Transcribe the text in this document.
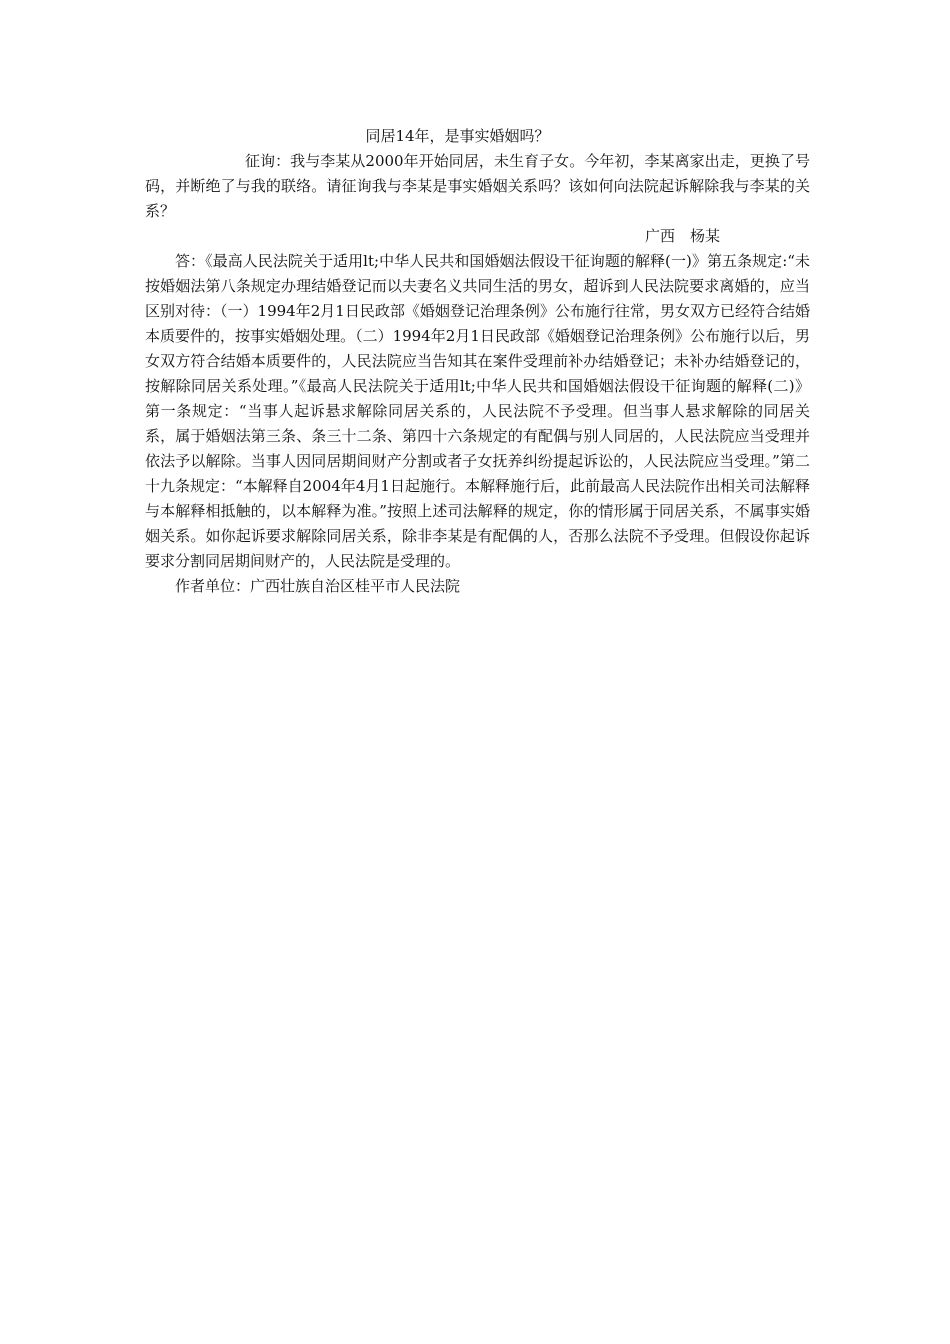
同居14年，是事实婚姻吗？

征询：我与李某从2000年开始同居，未生育子女。今年初，李某离家出走，更换了号码，并断绝了与我的联络。请征询我与李某是事实婚姻关系吗？该如何向法院起诉解除我与李某的关系？

广西　杨某

答：《最高人民法院关于适用lt;中华人民共和国婚姻法假设干征询题的解释(一)》第五条规定:“未按婚姻法第八条规定办理结婚登记而以夫妻名义共同生活的男女，超诉到人民法院要求离婚的，应当区别对待：（一）1994年2月1日民政部《婚姻登记治理条例》公布施行往常，男女双方已经符合结婚本质要件的，按事实婚姻处理。（二）1994年2月1日民政部《婚姻登记治理条例》公布施行以后，男女双方符合结婚本质要件的，人民法院应当告知其在案件受理前补办结婚登记；未补办结婚登记的，按解除同居关系处理。”《最高人民法院关于适用lt;中华人民共和国婚姻法假设干征询题的解释(二)》第一条规定：“当事人起诉悬求解除同居关系的，人民法院不予受理。但当事人悬求解除的同居关系，属于婚姻法第三条、条三十二条、第四十六条规定的有配偶与别人同居的，人民法院应当受理并依法予以解除。当事人因同居期间财产分割或者子女抚养纠纷提起诉讼的，人民法院应当受理。”第二十九条规定：“本解释自2004年4月1日起施行。本解释施行后，此前最高人民法院作出相关司法解释与本解释相抵触的，以本解释为准。”按照上述司法解释的规定，你的情形属于同居关系，不属事实婚姻关系。如你起诉要求解除同居关系，除非李某是有配偶的人，否那么法院不予受理。但假设你起诉要求分割同居期间财产的，人民法院是受理的。

作者单位：广西壮族自治区桂平市人民法院
